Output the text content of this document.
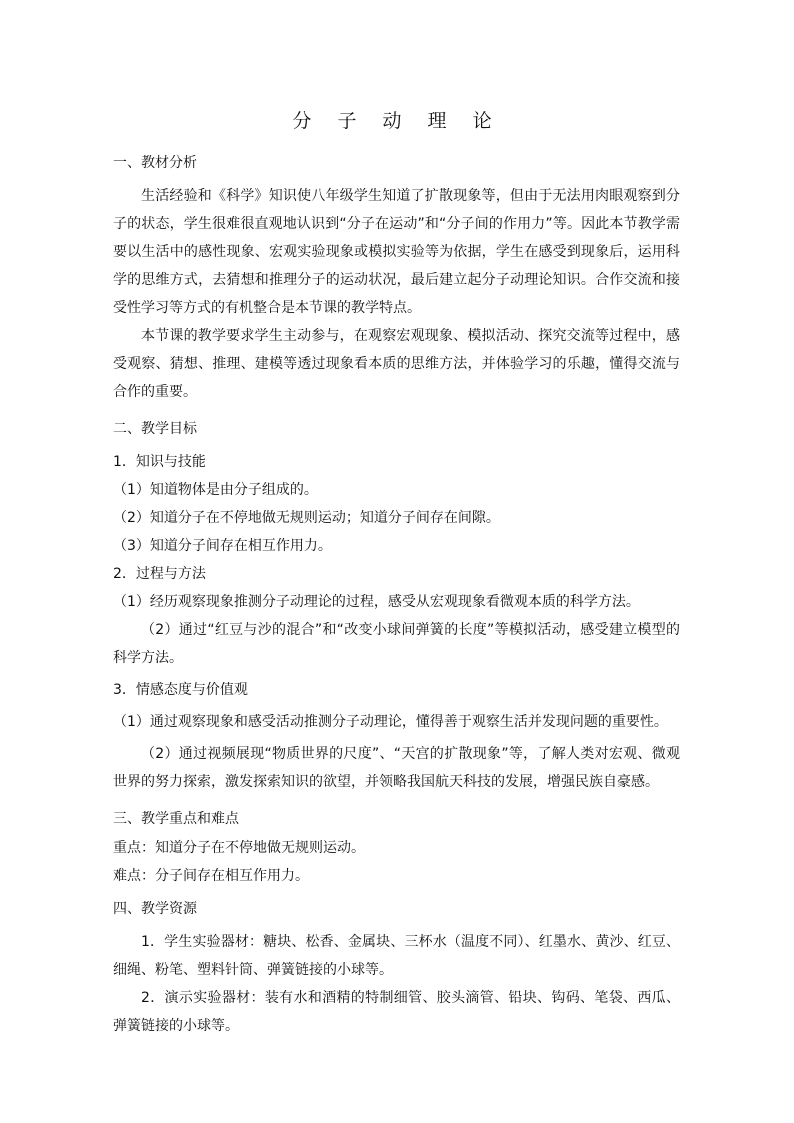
分 子 动 理 论

一、教材分析

生活经验和《科学》知识使八年级学生知道了扩散现象等，但由于无法用肉眼观察到分子的状态，学生很难很直观地认识到“分子在运动”和“分子间的作用力”等。因此本节教学需要以生活中的感性现象、宏观实验现象或模拟实验等为依据，学生在感受到现象后，运用科学的思维方式，去猜想和推理分子的运动状况，最后建立起分子动理论知识。合作交流和接受性学习等方式的有机整合是本节课的教学特点。

本节课的教学要求学生主动参与，在观察宏观现象、模拟活动、探究交流等过程中，感受观察、猜想、推理、建模等透过现象看本质的思维方法，并体验学习的乐趣，懂得交流与合作的重要。

二、教学目标

1．知识与技能

（1）知道物体是由分子组成的。

（2）知道分子在不停地做无规则运动；知道分子间存在间隙。

（3）知道分子间存在相互作用力。

2．过程与方法

（1）经历观察现象推测分子动理论的过程，感受从宏观现象看微观本质的科学方法。

（2）通过“红豆与沙的混合”和“改变小球间弹簧的长度”等模拟活动，感受建立模型的科学方法。

3．情感态度与价值观

（1）通过观察现象和感受活动推测分子动理论，懂得善于观察生活并发现问题的重要性。

（2）通过视频展现“物质世界的尺度”、“天宫的扩散现象”等，了解人类对宏观、微观世界的努力探索，激发探索知识的欲望，并领略我国航天科技的发展，增强民族自豪感。

三、教学重点和难点

重点：知道分子在不停地做无规则运动。

难点：分子间存在相互作用力。

四、教学资源

1．学生实验器材：糖块、松香、金属块、三杯水（温度不同）、红墨水、黄沙、红豆、细绳、粉笔、塑料针筒、弹簧链接的小球等。

2．演示实验器材：装有水和酒精的特制细管、胶头滴管、铅块、钩码、笔袋、西瓜、弹簧链接的小球等。
